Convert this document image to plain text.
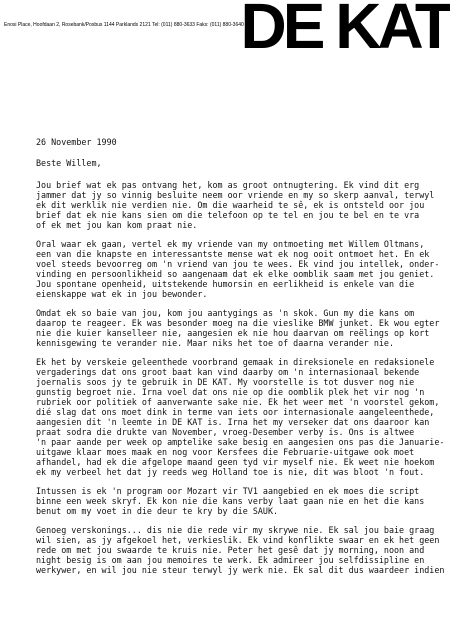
DE KAT
Enosi Place, Hoofdaan 2, Rosebank/Posbus 1144 Parklands 2121 Tel: (011) 880-3633 Faks: (011) 880-3640
26 November 1990
Beste Willem,
Jou brief wat ek pas ontvang het, kom as groot ontnugtering. Ek vind dit erg
jammer dat jy so vinnig besluite neem oor vriende en my so skerp aanval, terwyl
ek dit werklik nie verdien nie. Om die waarheid te sê, ek is ontsteld oor jou
brief dat ek nie kans sien om die telefoon op te tel en jou te bel en te vra
of ek met jou kan kom praat nie.
Oral waar ek gaan, vertel ek my vriende van my ontmoeting met Willem Oltmans,
een van die knapste en interessantste mense wat ek nog ooit ontmoet het. En ek
voel steeds bevoorreg om 'n vriend van jou te wees. Ek vind jou intellek, onder-
vinding en persoonlikheid so aangenaam dat ek elke oomblik saam met jou geniet.
Jou spontane openheid, uitstekende humorsin en eerlikheid is enkele van die
eienskappe wat ek in jou bewonder.
Omdat ek so baie van jou, kom jou aantygings as 'n skok. Gun my die kans om
daarop te reageer. Ek was besonder moeg na die vieslike BMW junket. Ek wou egter
nie die kuier kanselleer nie, aangesien ek nie hou daarvan om reëlings op kort
kennisgewing te verander nie. Maar niks het toe of daarna verander nie.
Ek het by verskeie geleenthede voorbrand gemaak in direksionele en redaksionele
vergaderings dat ons groot baat kan vind daarby om 'n internasionaal bekende
joernalis soos jy te gebruik in DE KAT. My voorstelle is tot dusver nog nie
gunstig begroet nie. Irna voel dat ons nie op die oomblik plek het vir nog 'n
rubriek oor politiek of aanverwante sake nie. Ek het weer met 'n voorstel gekom,
dié slag dat ons moet dink in terme van iets oor internasionale aangeleenthede,
aangesien dit 'n leemte in DE KAT is. Irna het my verseker dat ons daaroor kan
praat sodra die drukte van November, vroeg-Desember verby is. Ons is altwee
'n paar aande per week op amptelike sake besig en aangesien ons pas die Januarie-
uitgawe klaar moes maak en nog voor Kersfees die Februarie-uitgawe ook moet
afhandel, had ek die afgelope maand geen tyd vir myself nie. Ek weet nie hoekom
ek my verbeel het dat jy reeds weg Holland toe is nie, dit was bloot 'n fout.
Intussen is ek 'n program oor Mozart vir TV1 aangebied en ek moes die script
binne een week skryf. Ek kon nie die kans verby laat gaan nie en het die kans
benut om my voet in die deur te kry by die SAUK.
Genoeg verskonings... dis nie die rede vir my skrywe nie. Ek sal jou baie graag
wil sien, as jy afgekoel het, verkieslik. Ek vind konflikte swaar en ek het geen
rede om met jou swaarde te kruis nie. Peter het gesê dat jy morning, noon and
night besig is om aan jou memoires te werk. Ek admireer jou selfdissipline en
werkywer, en wil jou nie steur terwyl jy werk nie. Ek sal dit dus waardeer indien
